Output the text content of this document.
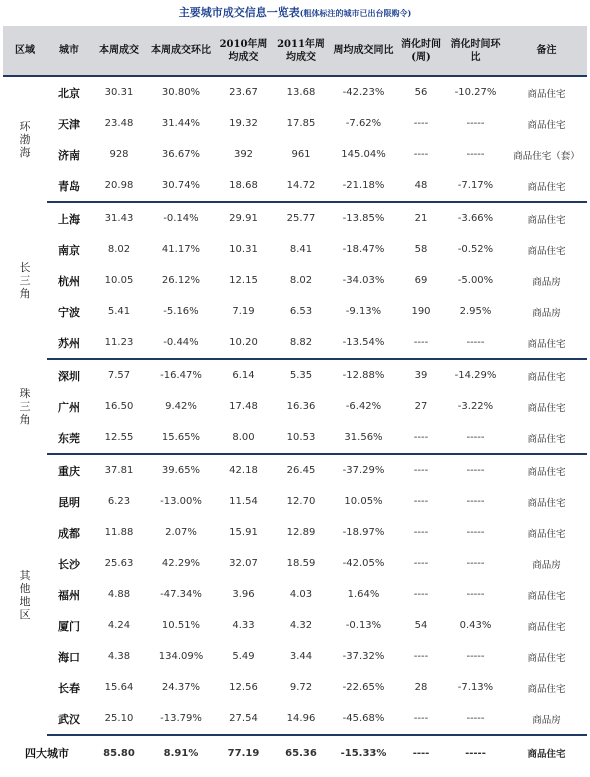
主要城市成交信息一览表(粗体标注的城市已出台限购令)
区域	城市	本周成交	本周成交环比	2010年周均成交	2011年周均成交	周均成交同比	消化时间(周)	消化时间环比	备注
环渤海	北京	30.31	30.80%	23.67	13.68	-42.23%	56	-10.27%	商品住宅
	天津	23.48	31.44%	19.32	17.85	-7.62%	----	-----	商品住宅
	济南	928	36.67%	392	961	145.04%	----	-----	商品住宅（套）
	青岛	20.98	30.74%	18.68	14.72	-21.18%	48	-7.17%	商品住宅
长三角	上海	31.43	-0.14%	29.91	25.77	-13.85%	21	-3.66%	商品住宅
	南京	8.02	41.17%	10.31	8.41	-18.47%	58	-0.52%	商品住宅
	杭州	10.05	26.12%	12.15	8.02	-34.03%	69	-5.00%	商品房
	宁波	5.41	-5.16%	7.19	6.53	-9.13%	190	2.95%	商品房
	苏州	11.23	-0.44%	10.20	8.82	-13.54%	----	-----	商品住宅
珠三角	深圳	7.57	-16.47%	6.14	5.35	-12.88%	39	-14.29%	商品住宅
	广州	16.50	9.42%	17.48	16.36	-6.42%	27	-3.22%	商品住宅
	东莞	12.55	15.65%	8.00	10.53	31.56%	----	-----	商品住宅
其他地区	重庆	37.81	39.65%	42.18	26.45	-37.29%	----	-----	商品住宅
	昆明	6.23	-13.00%	11.54	12.70	10.05%	----	-----	商品住宅
	成都	11.88	2.07%	15.91	12.89	-18.97%	----	-----	商品住宅
	长沙	25.63	42.29%	32.07	18.59	-42.05%	----	-----	商品房
	福州	4.88	-47.34%	3.96	4.03	1.64%	----	-----	商品住宅
	厦门	4.24	10.51%	4.33	4.32	-0.13%	54	0.43%	商品住宅
	海口	4.38	134.09%	5.49	3.44	-37.32%	----	-----	商品住宅
	长春	15.64	24.37%	12.56	9.72	-22.65%	28	-7.13%	商品住宅
	武汉	25.10	-13.79%	27.54	14.96	-45.68%	----	-----	商品房
四大城市		85.80	8.91%	77.19	65.36	-15.33%	----	-----	商品住宅
